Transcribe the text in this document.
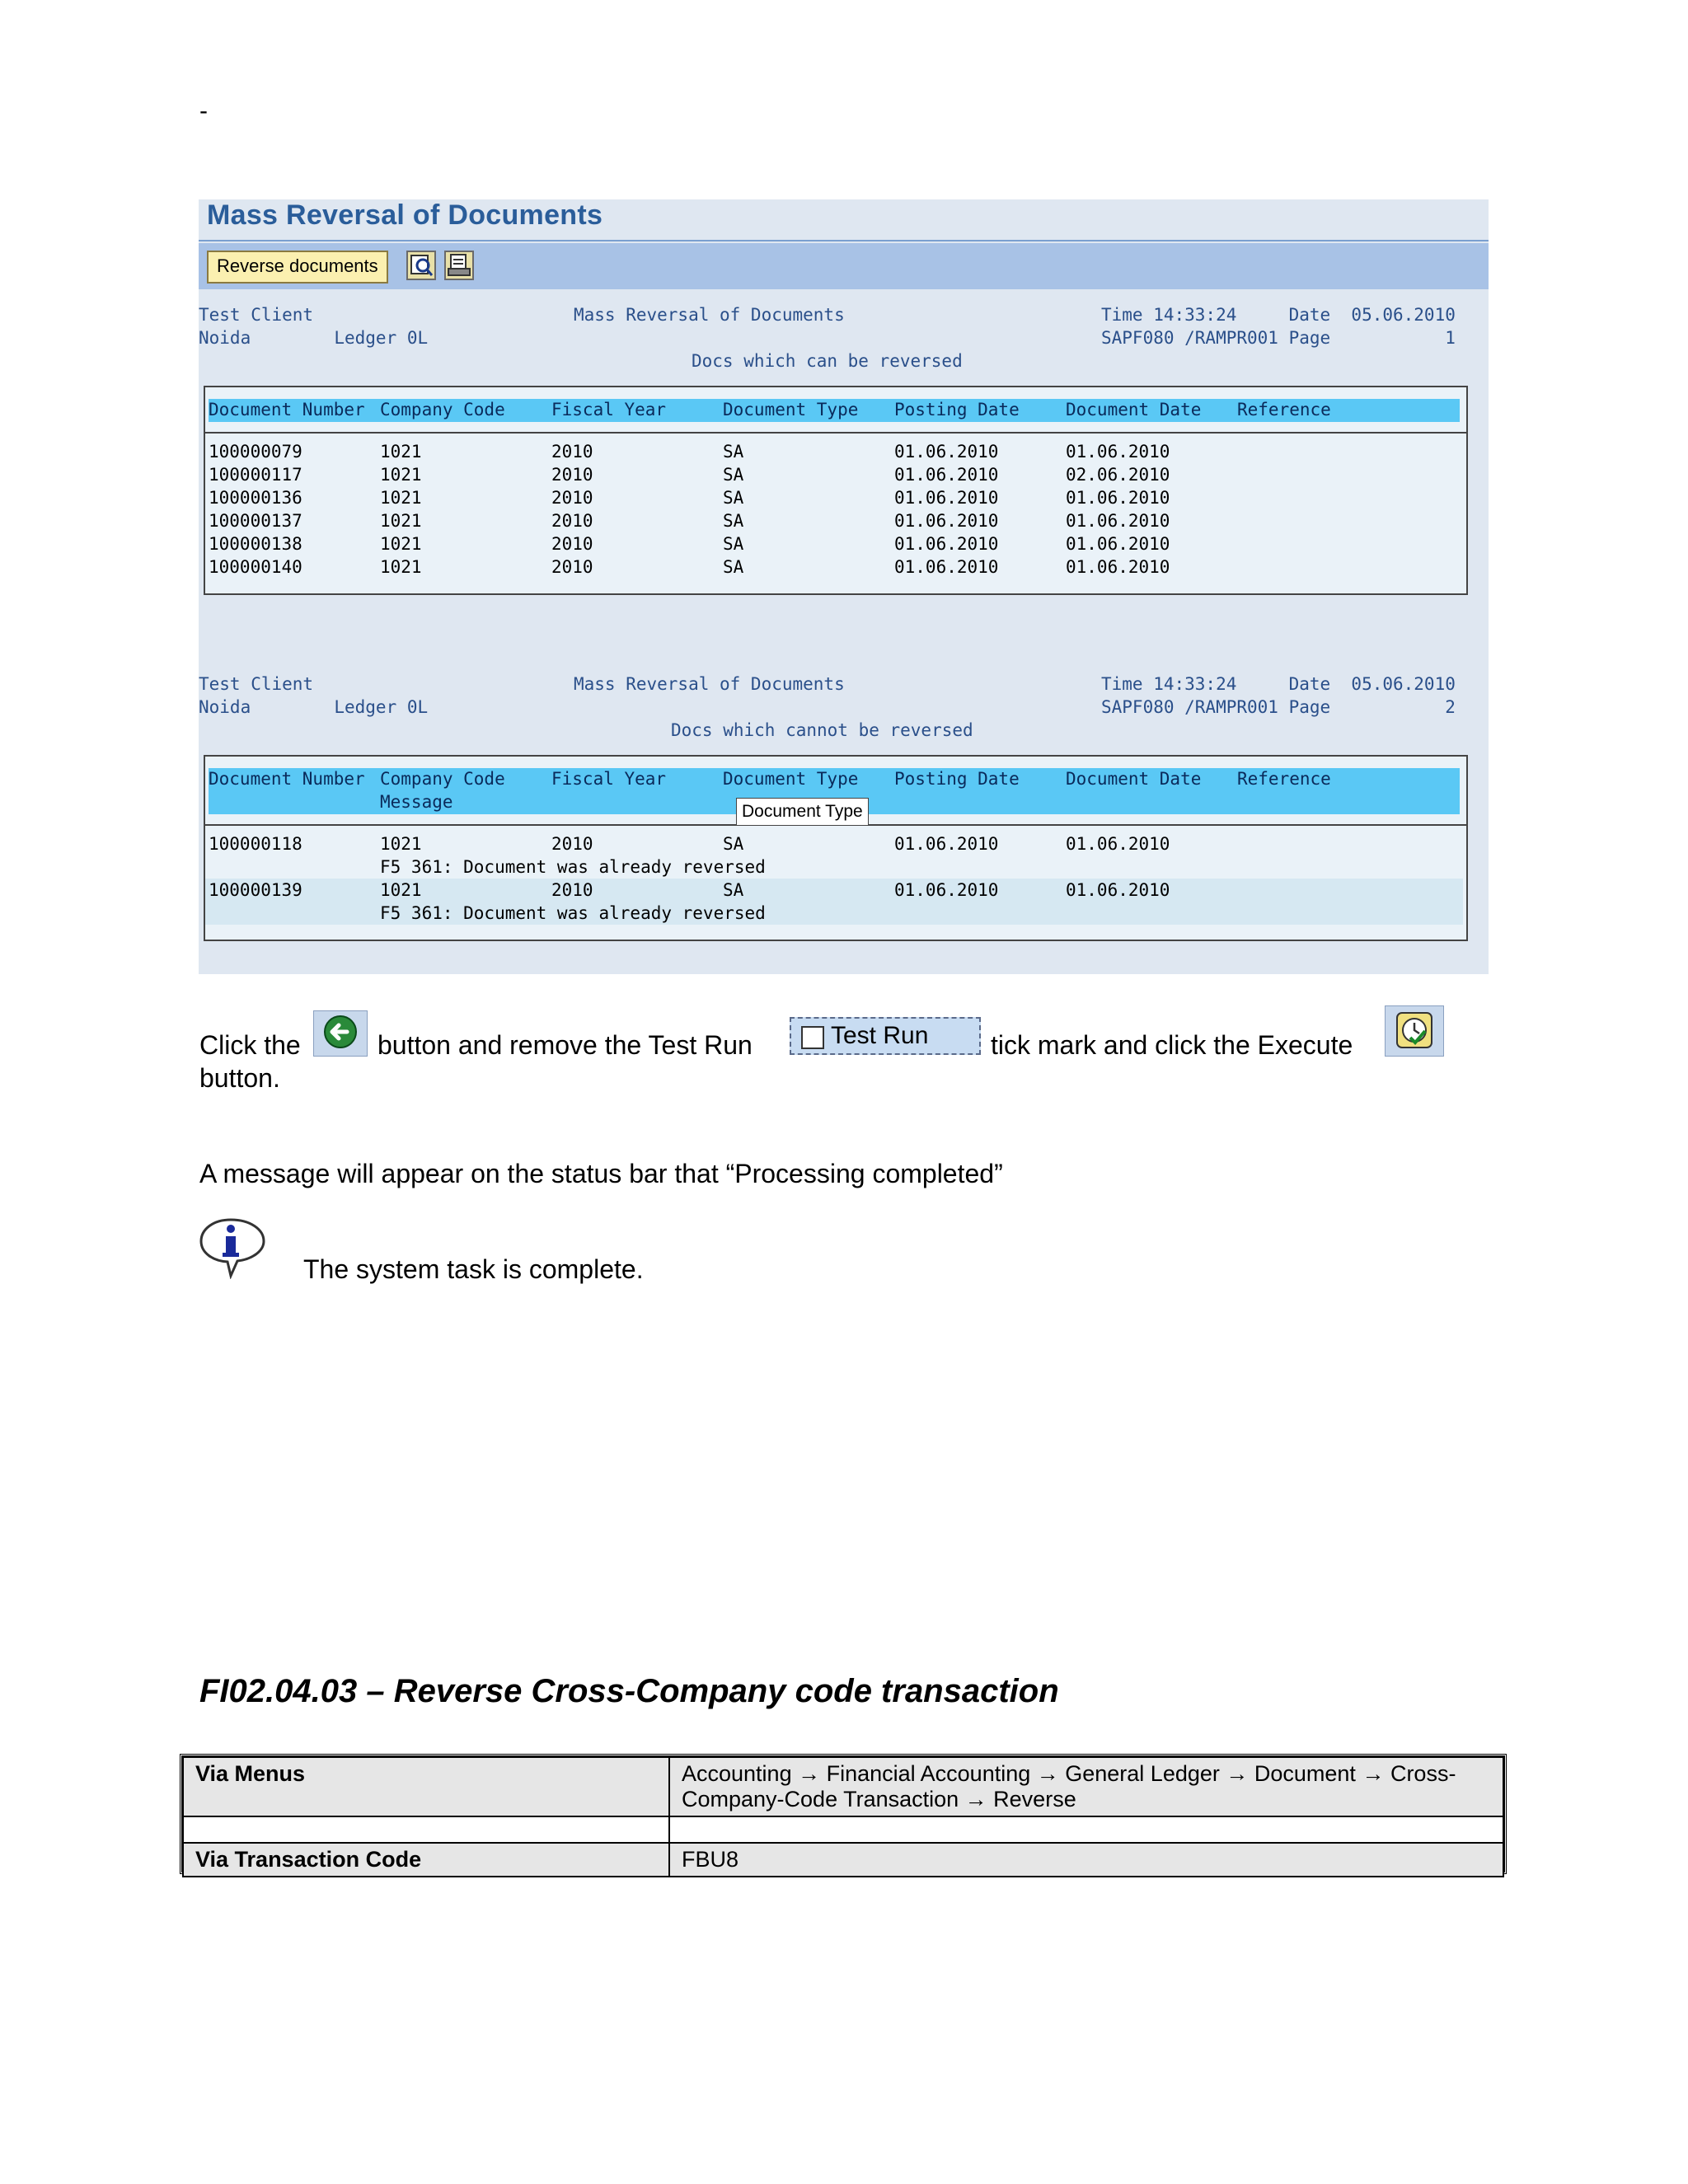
-
Mass Reversal of Documents
Reverse documents
Test Client	Mass Reversal of Documents	Time 14:33:24     Date  05.06.2010
Noida        Ledger 0L	SAPF080 /RAMPR001 Page           1
Docs which can be reversed
Document Number Company Code	Fiscal Year	Document Type Posting Date	Document Date Reference
100000079	1021	2010	SA	01.06.2010	01.06.2010
100000117	1021	2010	SA	01.06.2010	02.06.2010
100000136	1021	2010	SA	01.06.2010	01.06.2010
100000137	1021	2010	SA	01.06.2010	01.06.2010
100000138	1021	2010	SA	01.06.2010	01.06.2010
100000140	1021	2010	SA	01.06.2010	01.06.2010
Test Client	Mass Reversal of Documents	Time 14:33:24     Date  05.06.2010
Noida        Ledger 0L	SAPF080 /RAMPR001 Page           2
Docs which cannot be reversed
Document Number Company Code	Fiscal Year	Document Type Posting Date	Document Date Reference
Message
100000118	1021	2010	SA	01.06.2010	01.06.2010
F5 361: Document was already reversed
100000139	1021	2010	SA	01.06.2010	01.06.2010
F5 361: Document was already reversed
Document Type
Click the	button and remove the Test Run	Test Run tick mark and click the Execute
button.
A message will appear on the status bar that “Processing completed”
The system task is complete.
FI02.04.03 – Reverse Cross-Company code transaction
Via Menus	Accounting → Financial Accounting → General Ledger → Document → Cross-Company-Code Transaction → Reverse

Via Transaction Code	FBU8
